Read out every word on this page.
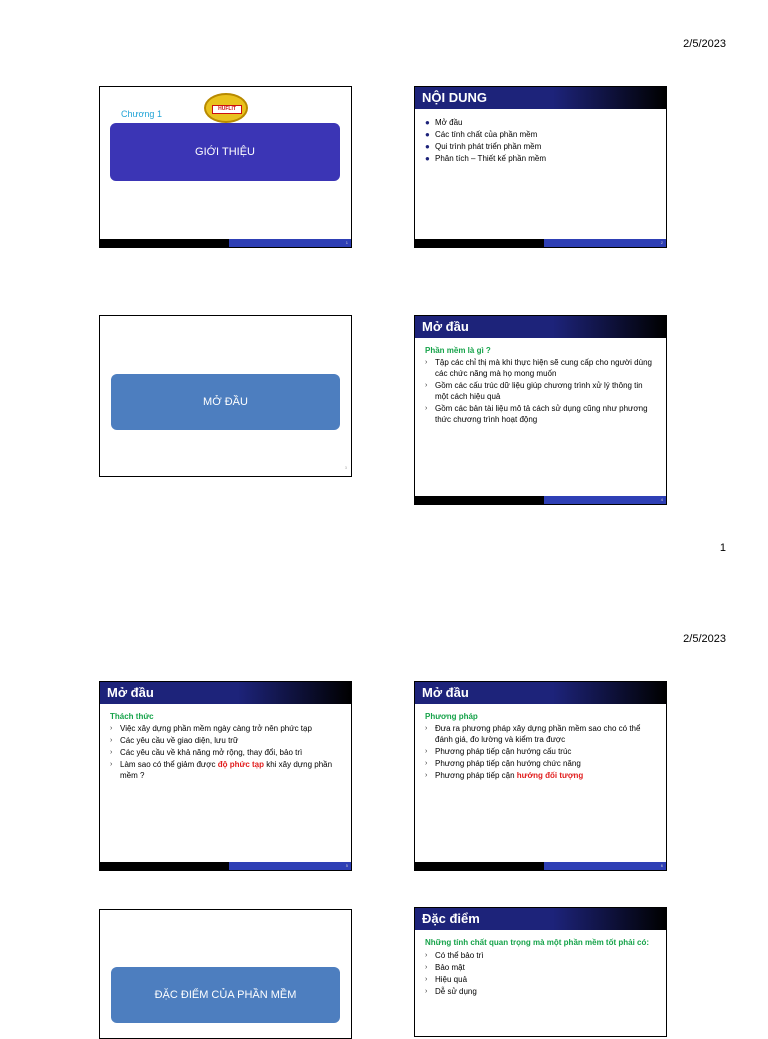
2/5/2023
HUFLIT
Chương 1
GIỚI THIỆU
1
NỘI DUNG
● Mở đầu
● Các tính chất của phần mềm
● Qui trình phát triển phần mềm
● Phân tích – Thiết kế phần mềm
2
MỞ ĐẦU
3
Mở đầu
Phần mềm là gì ?
› Tập các chỉ thị mà khi thực hiện sẽ cung cấp cho người dùng các chức năng mà họ mong muốn
› Gồm các cấu trúc dữ liệu giúp chương trình xử lý thông tin một cách hiệu quả
› Gồm các bản tài liệu mô tả cách sử dụng cũng như phương thức chương trình hoạt động
4
1
2/5/2023
Mở đầu
Thách thức
› Việc xây dựng phần mềm ngày càng trở nên phức tạp
› Các yêu cầu về giao diện, lưu trữ
› Các yêu cầu về khả năng mở rộng, thay đổi, bảo trì
› Làm sao có thể giảm được độ phức tạp khi xây dựng phần mềm ?
5
Mở đầu
Phương pháp
› Đưa ra phương pháp xây dựng phần mềm sao cho có thể đánh giá, đo lường và kiểm tra được
› Phương pháp tiếp cận hướng cấu trúc
› Phương pháp tiếp cận hướng chức năng
› Phương pháp tiếp cận hướng đối tượng
6
ĐẶC ĐIỂM CỦA PHẦN MỀM
Đặc điểm
Những tính chất quan trọng mà một phần mềm tốt phải có:
› Có thể bảo trì
› Bảo mật
› Hiệu quả
› Dễ sử dụng
